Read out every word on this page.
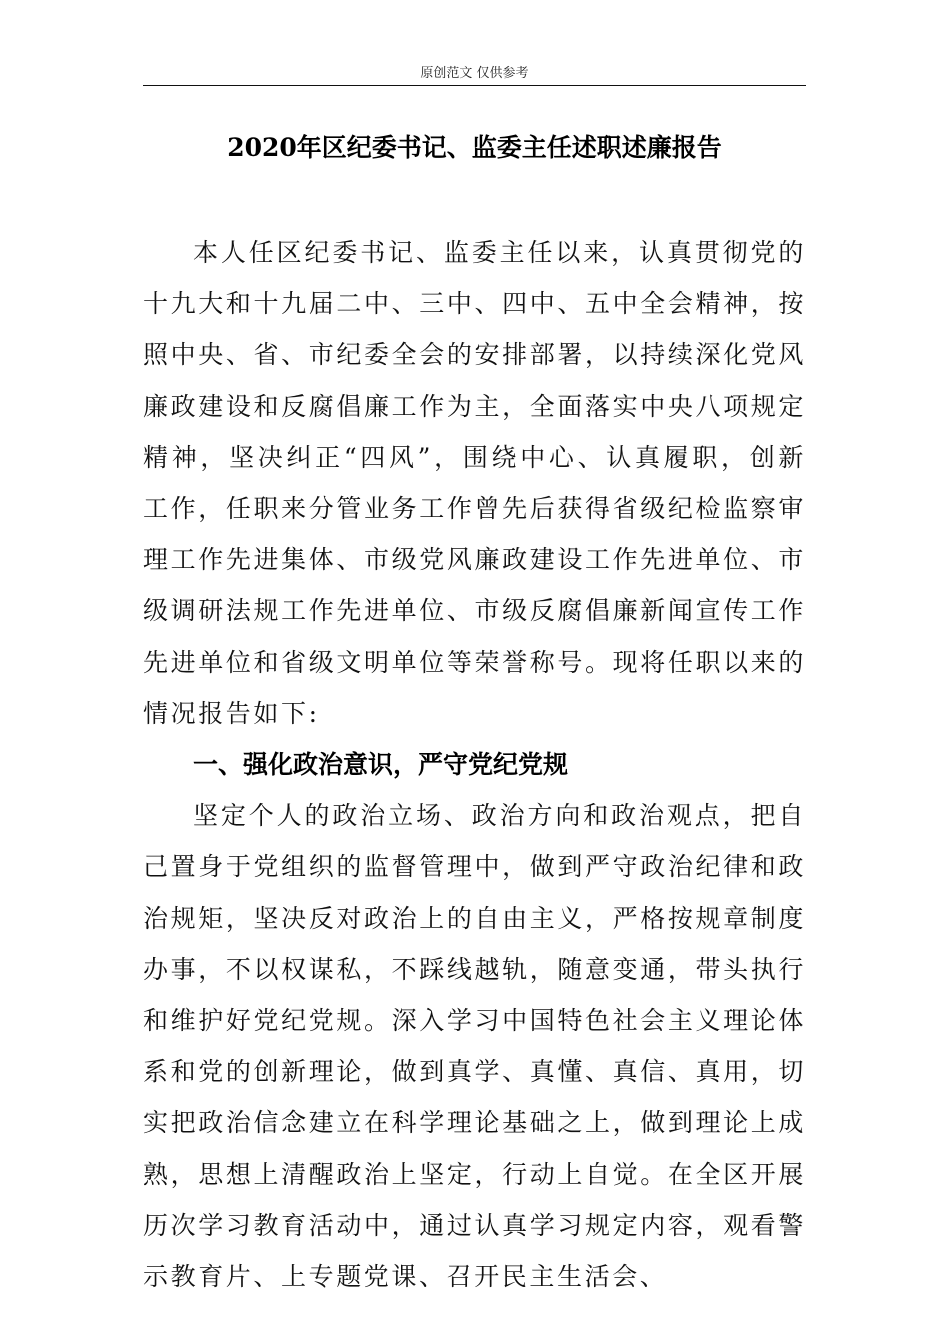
原创范文 仅供参考
2020年区纪委书记、监委主任述职述廉报告

本人任区纪委书记、监委主任以来，认真贯彻党的十九大和十九届二中、三中、四中、五中全会精神，按照中央、省、市纪委全会的安排部署，以持续深化党风廉政建设和反腐倡廉工作为主，全面落实中央八项规定精神，坚决纠正“四风”，围绕中心、认真履职，创新工作，任职来分管业务工作曾先后获得省级纪检监察审理工作先进集体、市级党风廉政建设工作先进单位、市级调研法规工作先进单位、市级反腐倡廉新闻宣传工作先进单位和省级文明单位等荣誉称号。现将任职以来的情况报告如下:

一、强化政治意识，严守党纪党规

坚定个人的政治立场、政治方向和政治观点，把自己置身于党组织的监督管理中，做到严守政治纪律和政治规矩，坚决反对政治上的自由主义，严格按规章制度办事，不以权谋私，不踩线越轨，随意变通，带头执行和维护好党纪党规。深入学习中国特色社会主义理论体系和党的创新理论，做到真学、真懂、真信、真用，切实把政治信念建立在科学理论基础之上，做到理论上成熟，思想上清醒政治上坚定，行动上自觉。在全区开展历次学习教育活动中，通过认真学习规定内容，观看警示教育片、上专题党课、召开民主生活会、
